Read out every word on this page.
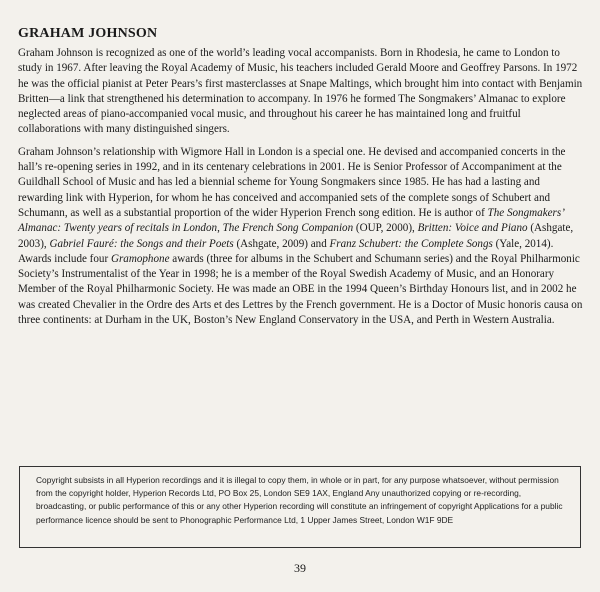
GRAHAM JOHNSON

Graham Johnson is recognized as one of the world’s leading vocal accompanists. Born in Rhodesia, he came to London to study in 1967. After leaving the Royal Academy of Music, his teachers included Gerald Moore and Geoffrey Parsons. In 1972 he was the official pianist at Peter Pears’s first masterclasses at Snape Maltings, which brought him into contact with Benjamin Britten—a link that strengthened his determination to accompany. In 1976 he formed The Songmakers’ Almanac to explore neglected areas of piano-accompanied vocal music, and throughout his career he has maintained long and fruitful collaborations with many distinguished singers.

Graham Johnson’s relationship with Wigmore Hall in London is a special one. He devised and accompanied concerts in the hall’s re-opening series in 1992, and in its centenary celebrations in 2001. He is Senior Professor of Accompaniment at the Guildhall School of Music and has led a biennial scheme for Young Songmakers since 1985. He has had a lasting and rewarding link with Hyperion, for whom he has conceived and accompanied sets of the complete songs of Schubert and Schumann, as well as a substantial proportion of the wider Hyperion French song edition. He is author of The Songmakers’ Almanac: Twenty years of recitals in London, The French Song Companion (OUP, 2000), Britten: Voice and Piano (Ashgate, 2003), Gabriel Fauré: the Songs and their Poets (Ashgate, 2009) and Franz Schubert: the Complete Songs (Yale, 2014). Awards include four Gramophone awards (three for albums in the Schubert and Schumann series) and the Royal Philharmonic Society’s Instrumentalist of the Year in 1998; he is a member of the Royal Swedish Academy of Music, and an Honorary Member of the Royal Philharmonic Society. He was made an OBE in the 1994 Queen’s Birthday Honours list, and in 2002 he was created Chevalier in the Ordre des Arts et des Lettres by the French government. He is a Doctor of Music honoris causa on three continents: at Durham in the UK, Boston’s New England Conservatory in the USA, and Perth in Western Australia.

Copyright subsists in all Hyperion recordings and it is illegal to copy them, in whole or in part, for any purpose whatsoever, without permission from the copyright holder, Hyperion Records Ltd, PO Box 25, London SE9 1AX, England Any unauthorized copying or re-recording, broadcasting, or public performance of this or any other Hyperion recording will constitute an infringement of copyright Applications for a public performance licence should be sent to Phonographic Performance Ltd, 1 Upper James Street, London W1F 9DE
39
